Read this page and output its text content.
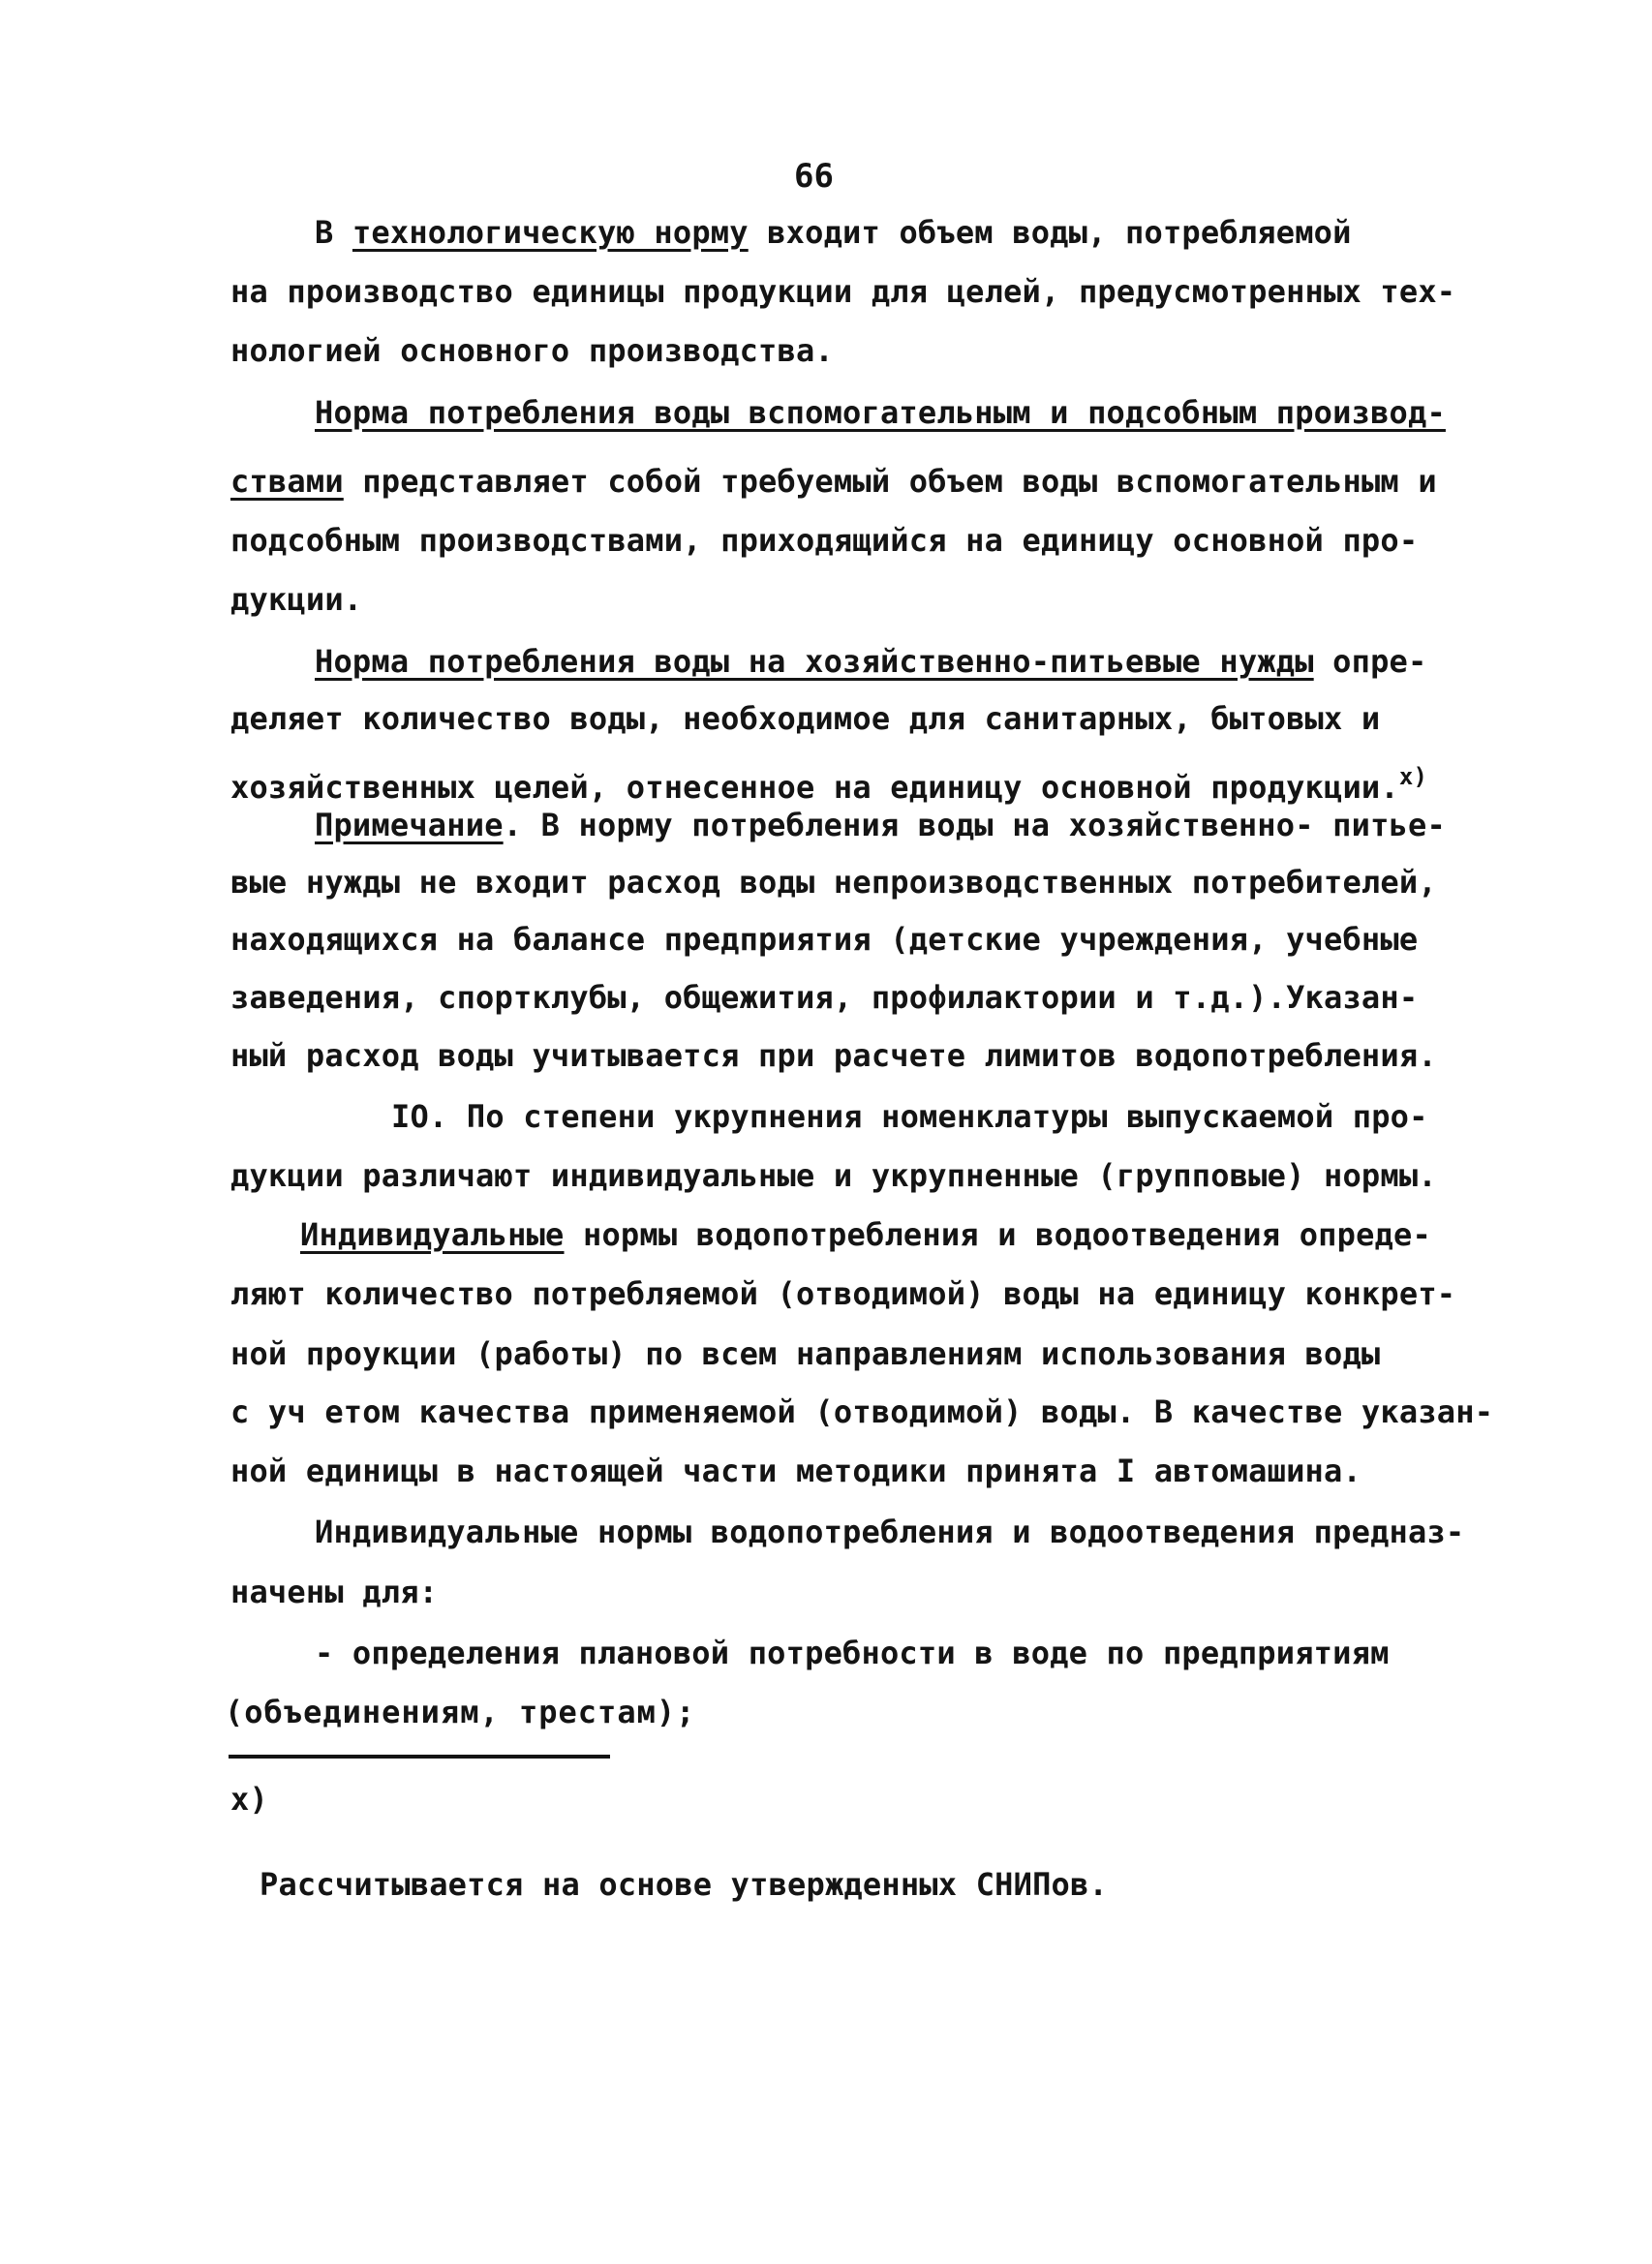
66
В технологическую норму входит объем воды, потребляемой
на производство единицы продукции для целей, предусмотренных тех-
нологией основного производства.
Норма потребления воды вспомогательным и подсобным производ-
ствами представляет собой требуемый объем воды вспомогательным и
подсобным производствами, приходящийся на единицу основной про-
дукции.
Норма потребления воды на хозяйственно-питьевые нужды опре-
деляет количество воды, необходимое для санитарных, бытовых и
хозяйственных целей, отнесенное на единицу основной продукции.$^{x)}$
Примечание. В норму потребления воды на хозяйственно- питье-
вые нужды не входит расход воды непроизводственных потребителей,
находящихся на балансе предприятия (детские учреждения, учебные
заведения, спортклубы, общежития, профилактории и т.д.).Указан-
ный расход воды учитывается при расчете лимитов водопотребления.
IO. По степени укрупнения номенклатуры выпускаемой про-
дукции различают индивидуальные и укрупненные (групповые) нормы.
Индивидуальные нормы водопотребления и водоотведения опреде-
ляют количество потребляемой (отводимой) воды на единицу конкрет-
ной проукции (работы) по всем направлениям использования воды
с уч етом качества применяемой (отводимой) воды. В качестве указан-
ной единицы в настоящей части методики принята I автомашина.
Индивидуальные нормы водопотребления и водоотведения предназ-
начены для:
- определения плановой потребности в воде по предприятиям
(объединениям, трестам);
x)
Рассчитывается на основе утвержденных СНИПов.
